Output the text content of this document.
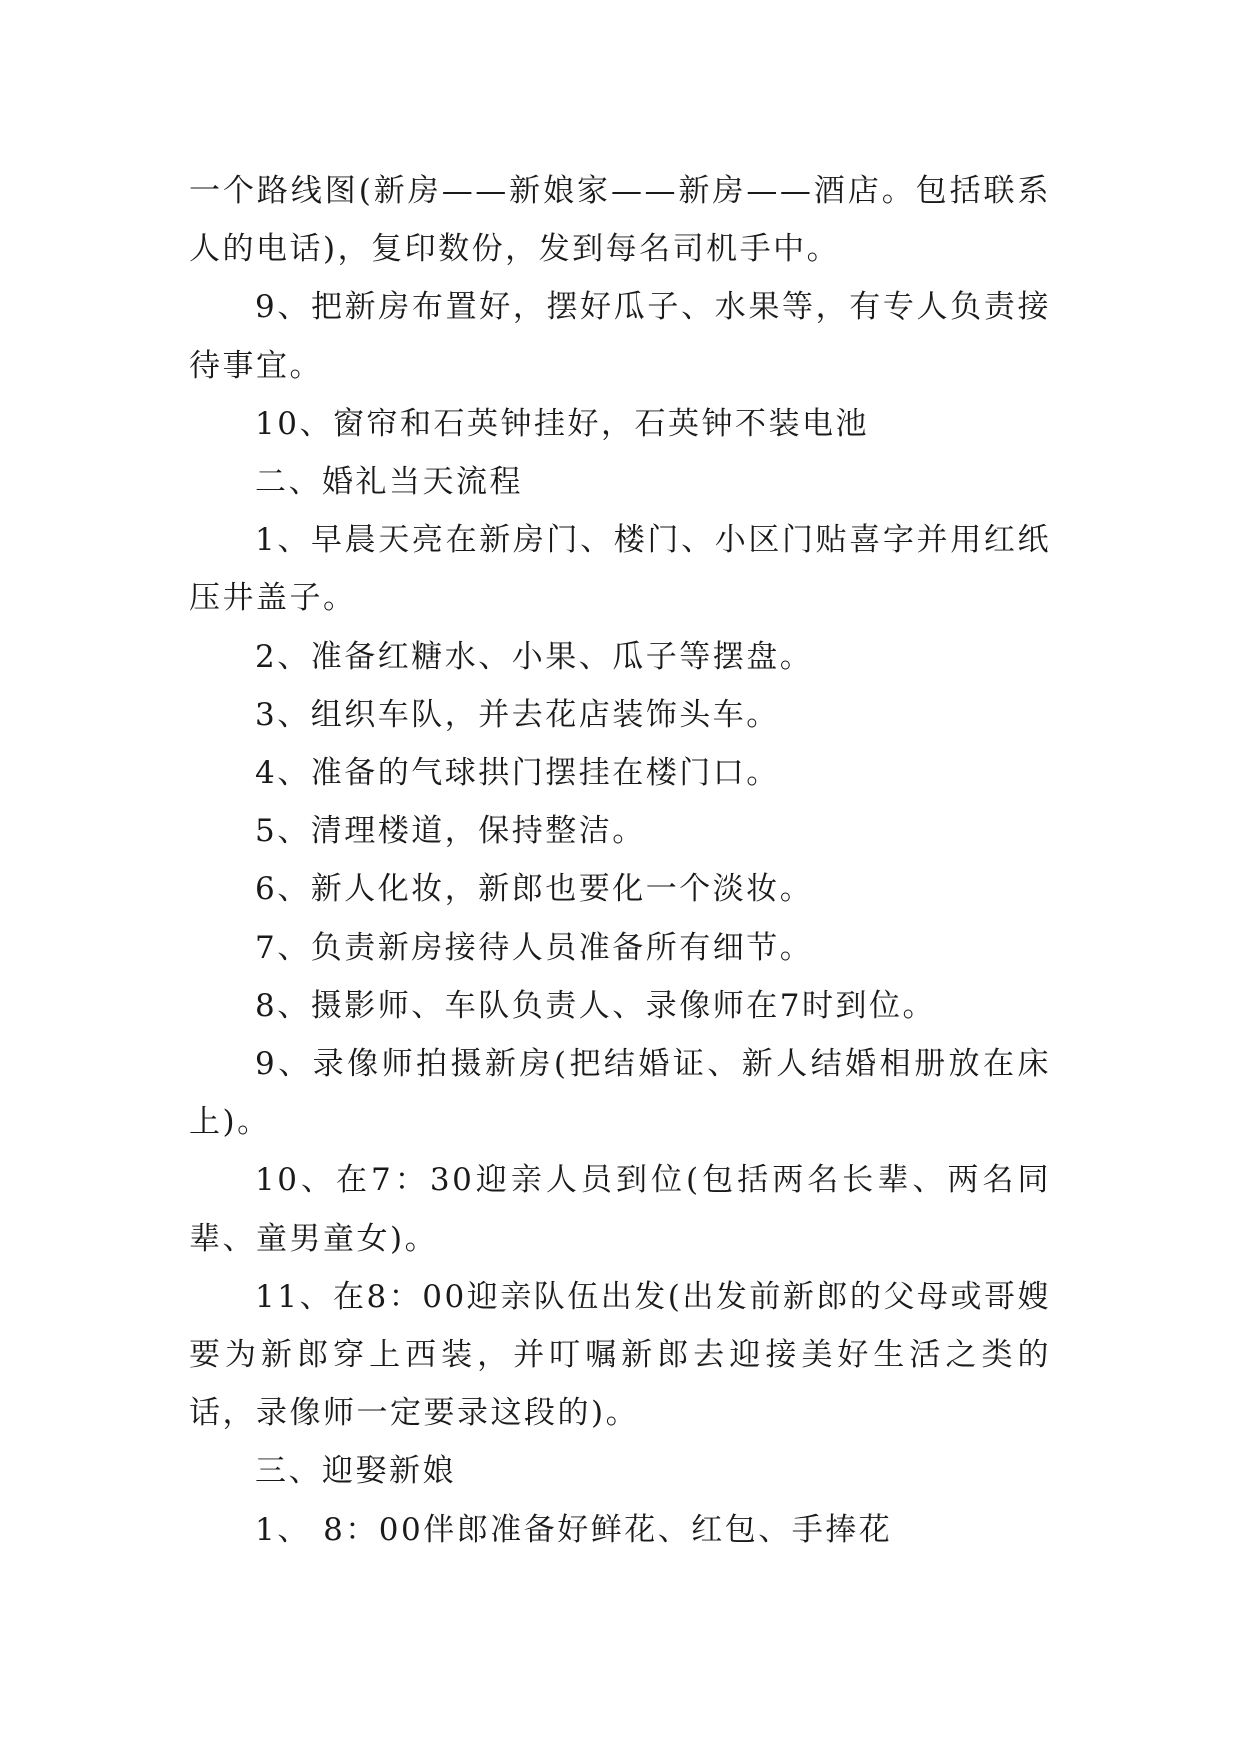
一个路线图(新房——新娘家——新房——酒店。包括联系人的电话)，复印数份，发到每名司机手中。

9、把新房布置好，摆好瓜子、水果等，有专人负责接待事宜。

10、窗帘和石英钟挂好，石英钟不装电池

二、婚礼当天流程

1、早晨天亮在新房门、楼门、小区门贴喜字并用红纸压井盖子。

2、准备红糖水、小果、瓜子等摆盘。

3、组织车队，并去花店装饰头车。

4、准备的气球拱门摆挂在楼门口。

5、清理楼道，保持整洁。

6、新人化妆，新郎也要化一个淡妆。

7、负责新房接待人员准备所有细节。

8、摄影师、车队负责人、录像师在7时到位。

9、录像师拍摄新房(把结婚证、新人结婚相册放在床上)。

10、在7：30迎亲人员到位(包括两名长辈、两名同辈、童男童女)。

11、在8：00迎亲队伍出发(出发前新郎的父母或哥嫂要为新郎穿上西装，并叮嘱新郎去迎接美好生活之类的话，录像师一定要录这段的)。

三、迎娶新娘

1、 8：00伴郎准备好鲜花、红包、手捧花
